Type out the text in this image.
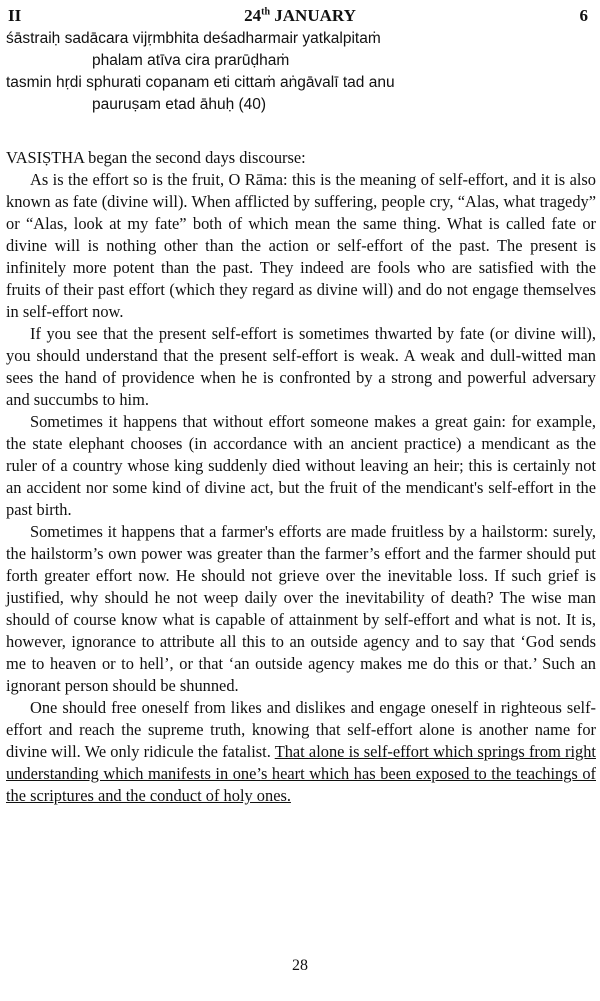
II	24th JANUARY	6
śāstraiḥ sadācara vijṛmbhita deśadharmair yatkalpitaṁ
phalam atīva cira prarūḍhaṁ
tasmin hṛdi sphurati copanam eti cittaṁ aṅgāvalī tad anu
pauruṣam etad āhuḥ (40)

VASIṢTHA began the second days discourse:

As is the effort so is the fruit, O Rāma: this is the meaning of self-effort, and it is also known as fate (divine will). When afflicted by suffering, people cry, “Alas, what tragedy” or “Alas, look at my fate” both of which mean the same thing. What is called fate or divine will is nothing other than the action or self-effort of the past. The present is infinitely more potent than the past. They indeed are fools who are satisfied with the fruits of their past effort (which they regard as divine will) and do not engage themselves in self-effort now.

If you see that the present self-effort is sometimes thwarted by fate (or divine will), you should understand that the present self-effort is weak. A weak and dull-witted man sees the hand of providence when he is confronted by a strong and powerful adversary and succumbs to him.

Sometimes it happens that without effort someone makes a great gain: for example, the state elephant chooses (in accordance with an ancient practice) a mendicant as the ruler of a country whose king suddenly died without leaving an heir; this is certainly not an accident nor some kind of divine act, but the fruit of the mendicant's self-effort in the past birth.

Sometimes it happens that a farmer's efforts are made fruitless by a hailstorm: surely, the hailstorm’s own power was greater than the farmer’s effort and the farmer should put forth greater effort now. He should not grieve over the inevitable loss. If such grief is justified, why should he not weep daily over the inevitability of death? The wise man should of course know what is capable of attainment by self-effort and what is not. It is, however, ignorance to attribute all this to an outside agency and to say that ‘God sends me to heaven or to hell’, or that ‘an outside agency makes me do this or that.’ Such an ignorant person should be shunned.

One should free oneself from likes and dislikes and engage oneself in righteous self-effort and reach the supreme truth, knowing that self-effort alone is another name for divine will. We only ridicule the fatalist. That alone is self-effort which springs from right understanding which manifests in one’s heart which has been exposed to the teachings of the scriptures and the conduct of holy ones.

28
